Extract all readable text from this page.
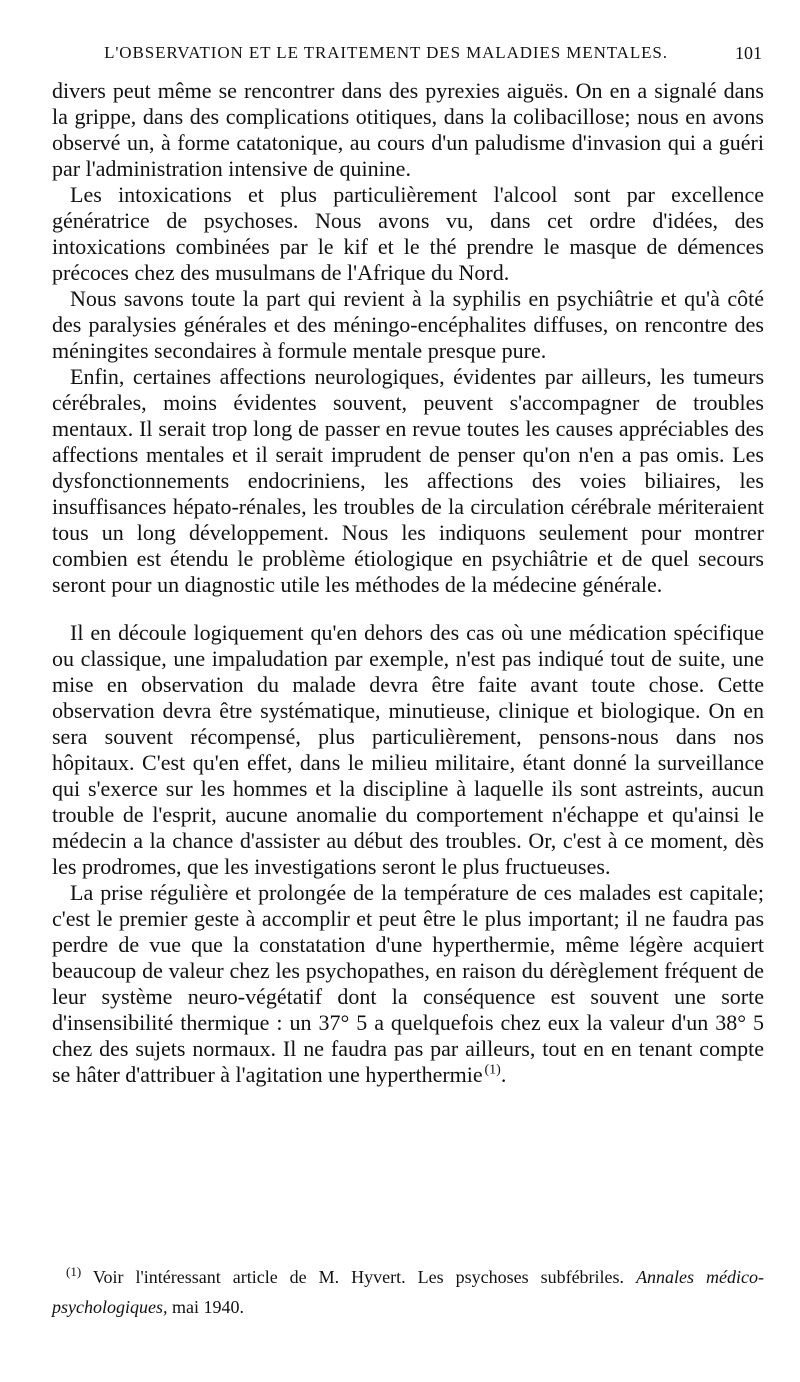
L'OBSERVATION ET LE TRAITEMENT DES MALADIES MENTALES.	101

divers peut même se rencontrer dans des pyrexies aiguës. On en a signalé dans la grippe, dans des complications otitiques, dans la colibacillose; nous en avons observé un, à forme catatonique, au cours d'un paludisme d'invasion qui a guéri par l'administration intensive de quinine.

Les intoxications et plus particulièrement l'alcool sont par excellence génératrice de psychoses. Nous avons vu, dans cet ordre d'idées, des intoxications combinées par le kif et le thé prendre le masque de démences précoces chez des musulmans de l'Afrique du Nord.

Nous savons toute la part qui revient à la syphilis en psychiâtrie et qu'à côté des paralysies générales et des méningo-encéphalites diffuses, on rencontre des méningites secondaires à formule mentale presque pure.

Enfin, certaines affections neurologiques, évidentes par ailleurs, les tumeurs cérébrales, moins évidentes souvent, peuvent s'accompagner de troubles mentaux. Il serait trop long de passer en revue toutes les causes appréciables des affections mentales et il serait imprudent de penser qu'on n'en a pas omis. Les dysfonctionnements endocriniens, les affections des voies biliaires, les insuffisances hépato-rénales, les troubles de la circulation cérébrale mériteraient tous un long développement. Nous les indiquons seulement pour montrer combien est étendu le problème étiologique en psychiâtrie et de quel secours seront pour un diagnostic utile les méthodes de la médecine générale.

Il en découle logiquement qu'en dehors des cas où une médication spécifique ou classique, une impaludation par exemple, n'est pas indiqué tout de suite, une mise en observation du malade devra être faite avant toute chose. Cette observation devra être systématique, minutieuse, clinique et biologique. On en sera souvent récompensé, plus particulièrement, pensons-nous dans nos hôpitaux. C'est qu'en effet, dans le milieu militaire, étant donné la surveillance qui s'exerce sur les hommes et la discipline à laquelle ils sont astreints, aucun trouble de l'esprit, aucune anomalie du comportement n'échappe et qu'ainsi le médecin a la chance d'assister au début des troubles. Or, c'est à ce moment, dès les prodromes, que les investigations seront le plus fructueuses.

La prise régulière et prolongée de la température de ces malades est capitale; c'est le premier geste à accomplir et peut être le plus important; il ne faudra pas perdre de vue que la constatation d'une hyperthermie, même légère acquiert beaucoup de valeur chez les psychopathes, en raison du dérèglement fréquent de leur système neuro-végétatif dont la conséquence est souvent une sorte d'insensibilité thermique : un 37° 5 a quelquefois chez eux la valeur d'un 38° 5 chez des sujets normaux. Il ne faudra pas par ailleurs, tout en en tenant compte se hâter d'attribuer à l'agitation une hyperthermie  $^{(1)}$.

$^{(1)}$ Voir l'intéressant article de M. Hyvert. Les psychoses subfébriles. Annales médico-psychologiques, mai 1940.
